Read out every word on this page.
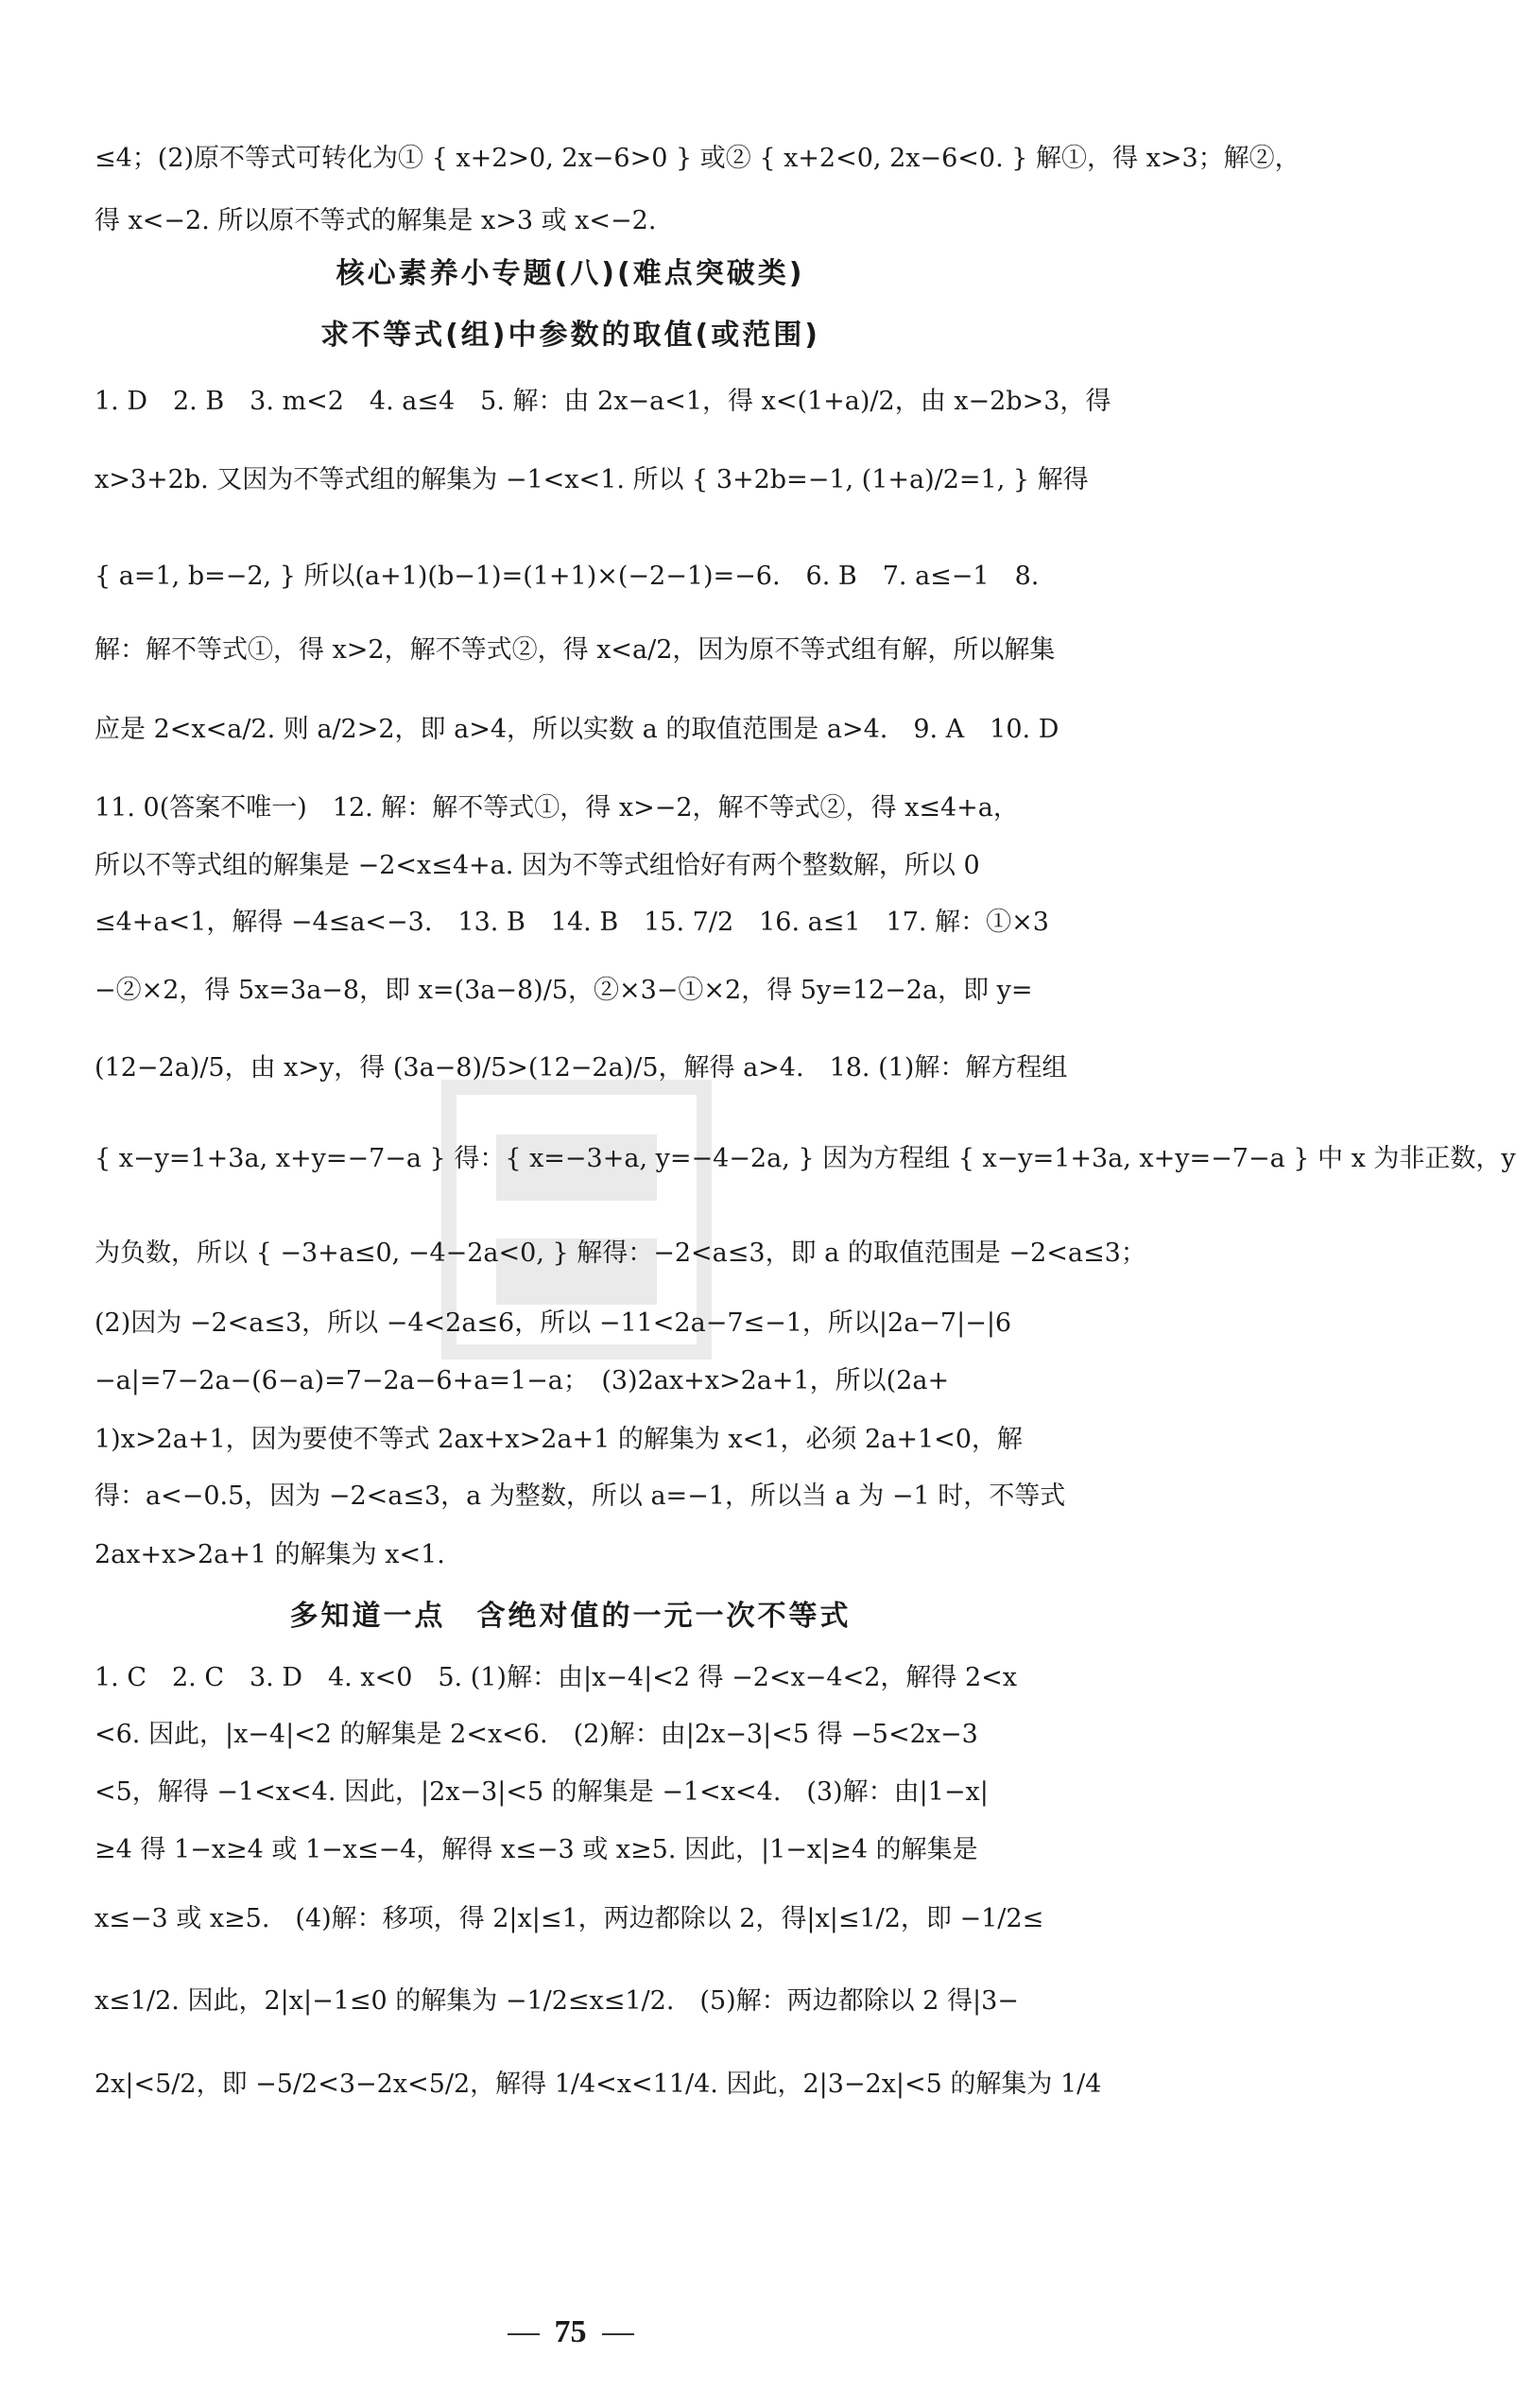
≤4；(2)原不等式可转化为① { x+2>0, 2x−6>0 } 或② { x+2<0, 2x−6<0. } 解①，得 x>3；解②，
得 x<−2. 所以原不等式的解集是 x>3 或 x<−2.
核心素养小专题(八)(难点突破类)
求不等式(组)中参数的取值(或范围)
1. D　2. B　3. m<2　4. a≤4　5. 解：由 2x−a<1，得 x<(1+a)/2，由 x−2b>3，得
x>3+2b. 又因为不等式组的解集为 −1<x<1. 所以 { 3+2b=−1, (1+a)/2=1, } 解得
{ a=1, b=−2, } 所以(a+1)(b−1)=(1+1)×(−2−1)=−6.　6. B　7. a≤−1　8.
解：解不等式①，得 x>2，解不等式②，得 x<a/2，因为原不等式组有解，所以解集
应是 2<x<a/2. 则 a/2>2，即 a>4，所以实数 a 的取值范围是 a>4.　9. A　10. D
11. 0(答案不唯一)　12. 解：解不等式①，得 x>−2，解不等式②，得 x≤4+a，
所以不等式组的解集是 −2<x≤4+a. 因为不等式组恰好有两个整数解，所以 0
≤4+a<1，解得 −4≤a<−3.　13. B　14. B　15. 7/2　16. a≤1　17. 解：①×3
−②×2，得 5x=3a−8，即 x=(3a−8)/5，②×3−①×2，得 5y=12−2a，即 y=
(12−2a)/5，由 x>y，得 (3a−8)/5>(12−2a)/5，解得 a>4.　18. (1)解：解方程组
{ x−y=1+3a, x+y=−7−a } 得：{ x=−3+a, y=−4−2a, } 因为方程组 { x−y=1+3a, x+y=−7−a } 中 x 为非正数，y
为负数，所以 { −3+a≤0, −4−2a<0, } 解得：−2<a≤3，即 a 的取值范围是 −2<a≤3；
(2)因为 −2<a≤3，所以 −4<2a≤6，所以 −11<2a−7≤−1，所以|2a−7|−|6
−a|=7−2a−(6−a)=7−2a−6+a=1−a；　(3)2ax+x>2a+1，所以(2a+
1)x>2a+1，因为要使不等式 2ax+x>2a+1 的解集为 x<1，必须 2a+1<0，解
得：a<−0.5，因为 −2<a≤3，a 为整数，所以 a=−1，所以当 a 为 −1 时，不等式
2ax+x>2a+1 的解集为 x<1.
多知道一点　含绝对值的一元一次不等式
1. C　2. C　3. D　4. x<0　5. (1)解：由|x−4|<2 得 −2<x−4<2，解得 2<x
<6. 因此，|x−4|<2 的解集是 2<x<6.　(2)解：由|2x−3|<5 得 −5<2x−3
<5，解得 −1<x<4. 因此，|2x−3|<5 的解集是 −1<x<4.　(3)解：由|1−x|
≥4 得 1−x≥4 或 1−x≤−4，解得 x≤−3 或 x≥5. 因此，|1−x|≥4 的解集是
x≤−3 或 x≥5.　(4)解：移项，得 2|x|≤1，两边都除以 2，得|x|≤1/2，即 −1/2≤
x≤1/2. 因此，2|x|−1≤0 的解集为 −1/2≤x≤1/2.　(5)解：两边都除以 2 得|3−
2x|<5/2，即 −5/2<3−2x<5/2，解得 1/4<x<11/4. 因此，2|3−2x|<5 的解集为 1/4
75
